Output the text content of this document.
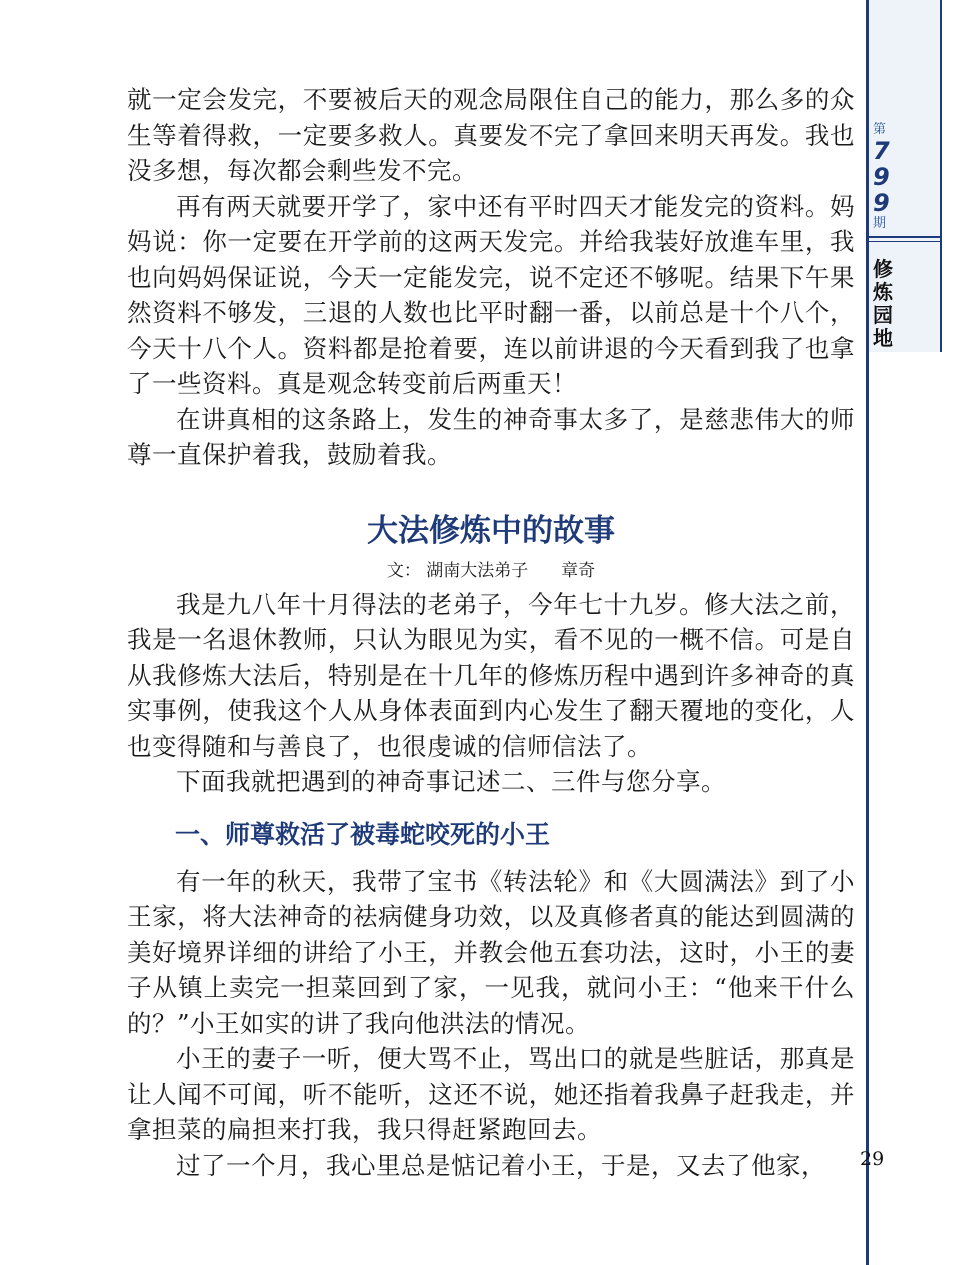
第
7
9
9
期
修
炼
园
地
29

就一定会发完，不要被后天的观念局限住自己的能力，那么多的众生等着得救，一定要多救人。真要发不完了拿回来明天再发。我也没多想，每次都会剩些发不完。

再有两天就要开学了，家中还有平时四天才能发完的资料。妈妈说：你一定要在开学前的这两天发完。并给我装好放進车里，我也向妈妈保证说，今天一定能发完，说不定还不够呢。结果下午果然资料不够发，三退的人数也比平时翻一番，以前总是十个八个，今天十八个人。资料都是抢着要，连以前讲退的今天看到我了也拿了一些资料。真是观念转变前后两重天！

在讲真相的这条路上，发生的神奇事太多了，是慈悲伟大的师尊一直保护着我，鼓励着我。

大法修炼中的故事
文： 湖南大法弟子 章奇

我是九八年十月得法的老弟子，今年七十九岁。修大法之前，我是一名退休教师，只认为眼见为实，看不见的一概不信。可是自从我修炼大法后，特别是在十几年的修炼历程中遇到许多神奇的真实事例，使我这个人从身体表面到内心发生了翻天覆地的变化，人也变得随和与善良了，也很虔诚的信师信法了。

下面我就把遇到的神奇事记述二、三件与您分享。

一、师尊救活了被毒蛇咬死的小王

有一年的秋天，我带了宝书《转法轮》和《大圆满法》到了小王家，将大法神奇的祛病健身功效，以及真修者真的能达到圆满的美好境界详细的讲给了小王，并教会他五套功法，这时，小王的妻子从镇上卖完一担菜回到了家，一见我，就问小王：“他来干什么的？”小王如实的讲了我向他洪法的情况。

小王的妻子一听，便大骂不止，骂出口的就是些脏话，那真是让人闻不可闻，听不能听，这还不说，她还指着我鼻子赶我走，并拿担菜的扁担来打我，我只得赶紧跑回去。

过了一个月，我心里总是惦记着小王，于是，又去了他家，
